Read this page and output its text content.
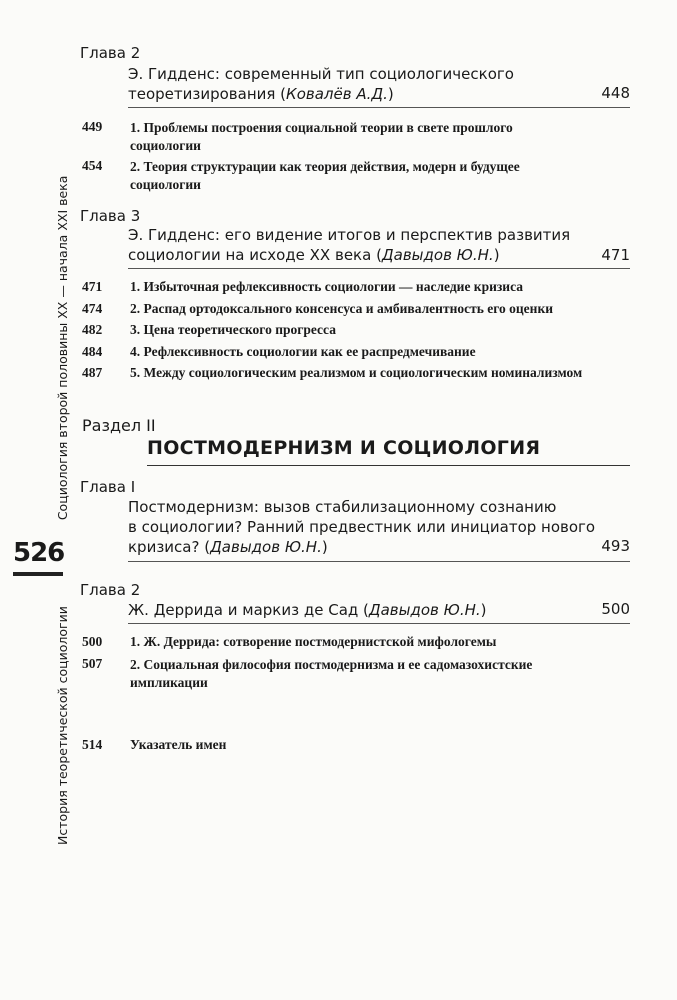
История теоретической социологии  Социология второй половины XX — начала XXI века
526
Глава 2
Э. Гидденс: современный тип социологического
теоретизирования (Ковалёв А.Д.)	448
449 1. Проблемы построения социальной теории в свете прошлого
социологии
454 2. Теория структурации как теория действия, модерн и будущее
социологии
Глава 3
Э. Гидденс: его видение итогов и перспектив развития
социологии на исходе XX века (Давыдов Ю.Н.)	471
471 1. Избыточная рефлексивность социологии — наследие кризиса
474 2. Распад ортодоксального консенсуса и амбивалентность его оценки
482 3. Цена теоретического прогресса
484 4. Рефлексивность социологии как ее распредмечивание
487 5. Между социологическим реализмом и социологическим номинализмом
Раздел II
ПОСТМОДЕРНИЗМ И СОЦИОЛОГИЯ
Глава I
Постмодернизм: вызов стабилизационному сознанию
в социологии? Ранний предвестник или инициатор нового
кризиса? (Давыдов Ю.Н.)	493
Глава 2
Ж. Деррида и маркиз де Сад (Давыдов Ю.Н.)	500
500 1. Ж. Деррида: сотворение постмодернистской мифологемы
507 2. Социальная философия постмодернизма и ее садомазохистские
импликации
514 Указатель имен
